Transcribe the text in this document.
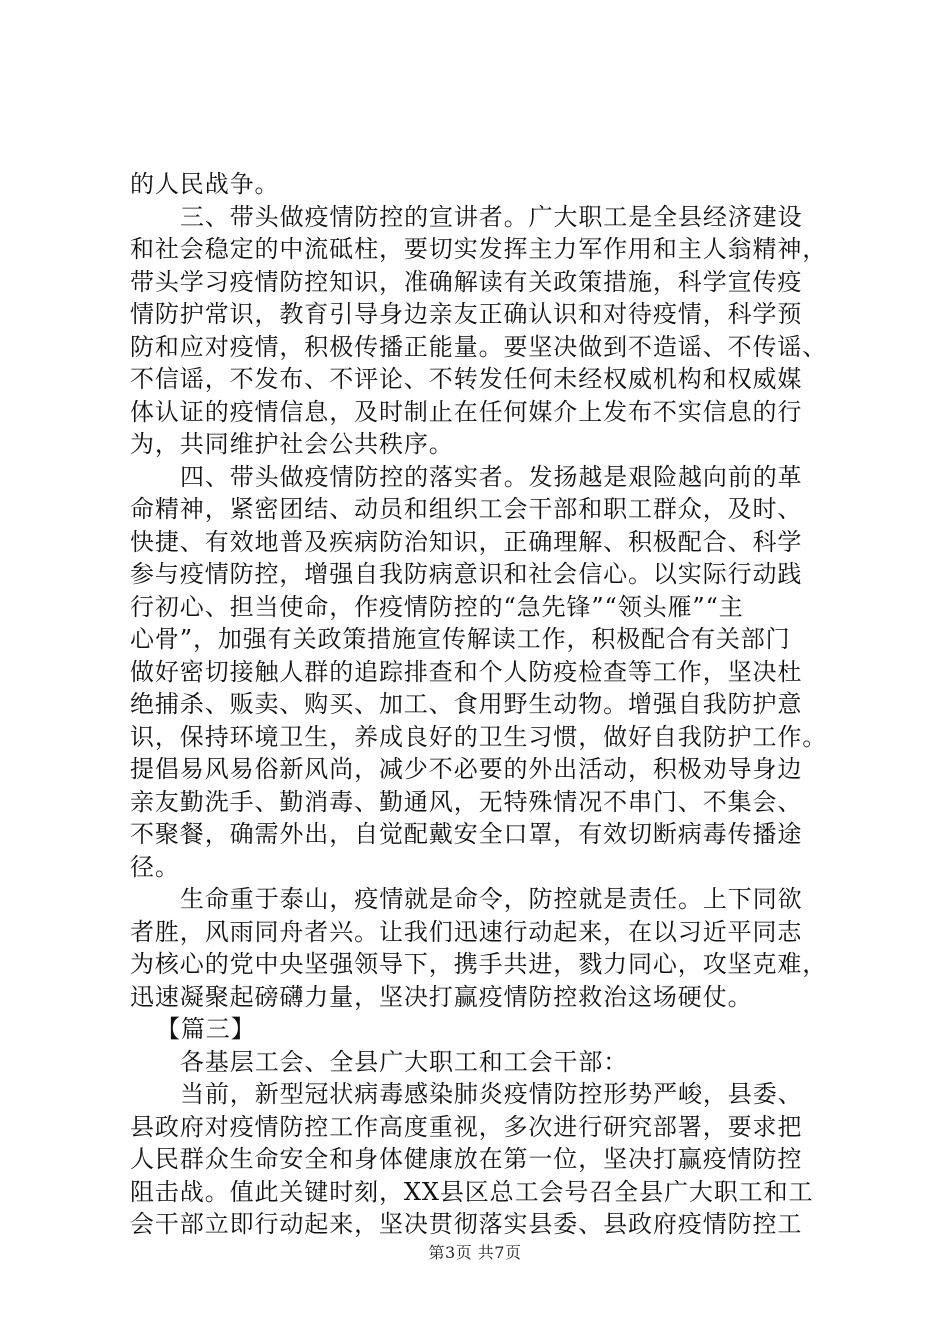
的人民战争。
三、带头做疫情防控的宣讲者。广大职工是全县经济建设
和社会稳定的中流砥柱，要切实发挥主力军作用和主人翁精神，
带头学习疫情防控知识，准确解读有关政策措施，科学宣传疫
情防护常识，教育引导身边亲友正确认识和对待疫情，科学预
防和应对疫情，积极传播正能量。要坚决做到不造谣、不传谣、
不信谣，不发布、不评论、不转发任何未经权威机构和权威媒
体认证的疫情信息，及时制止在任何媒介上发布不实信息的行
为，共同维护社会公共秩序。
四、带头做疫情防控的落实者。发扬越是艰险越向前的革
命精神，紧密团结、动员和组织工会干部和职工群众，及时、
快捷、有效地普及疾病防治知识，正确理解、积极配合、科学
参与疫情防控，增强自我防病意识和社会信心。以实际行动践
行初心、担当使命，作疫情防控的“急先锋”“领头雁”“主
心骨”，加强有关政策措施宣传解读工作，积极配合有关部门
做好密切接触人群的追踪排查和个人防疫检查等工作，坚决杜
绝捕杀、贩卖、购买、加工、食用野生动物。增强自我防护意
识，保持环境卫生，养成良好的卫生习惯，做好自我防护工作。
提倡易风易俗新风尚，减少不必要的外出活动，积极劝导身边
亲友勤洗手、勤消毒、勤通风，无特殊情况不串门、不集会、
不聚餐，确需外出，自觉配戴安全口罩，有效切断病毒传播途
径。
生命重于泰山，疫情就是命令，防控就是责任。上下同欲
者胜，风雨同舟者兴。让我们迅速行动起来，在以习近平同志
为核心的党中央坚强领导下，携手共进，戮力同心，攻坚克难，
迅速凝聚起磅礴力量，坚决打赢疫情防控救治这场硬仗。
【篇三】
各基层工会、全县广大职工和工会干部：
当前，新型冠状病毒感染肺炎疫情防控形势严峻，县委、
县政府对疫情防控工作高度重视，多次进行研究部署，要求把
人民群众生命安全和身体健康放在第一位，坚决打赢疫情防控
阻击战。值此关键时刻，XX县区总工会号召全县广大职工和工
会干部立即行动起来，坚决贯彻落实县委、县政府疫情防控工
第3页 共7页
